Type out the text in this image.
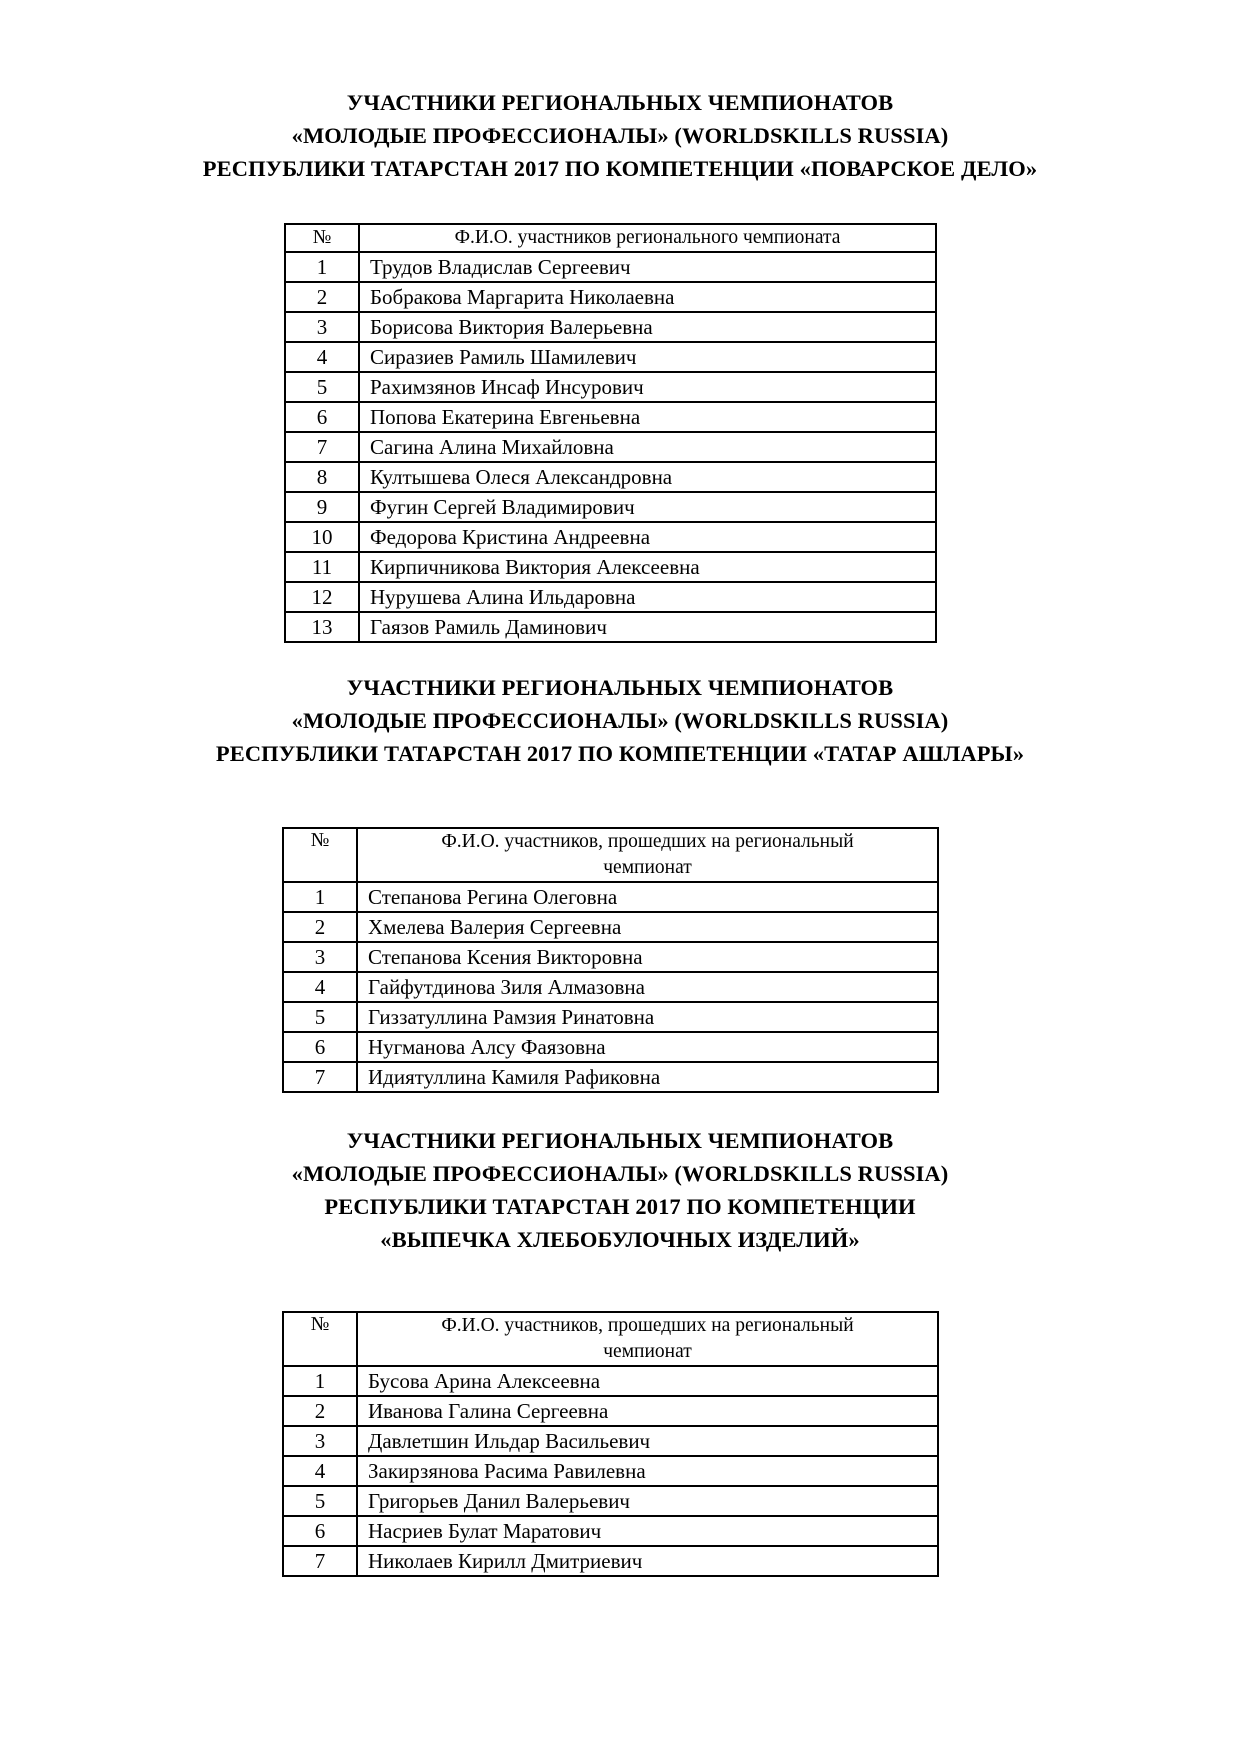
УЧАСТНИКИ РЕГИОНАЛЬНЫХ ЧЕМПИОНАТОВ
«МОЛОДЫЕ ПРОФЕССИОНАЛЫ» (WORLDSKILLS RUSSIA)
РЕСПУБЛИКИ ТАТАРСТАН 2017 ПО КОМПЕТЕНЦИИ «ПОВАРСКОЕ ДЕЛО»
№	Ф.И.О. участников регионального чемпионата
1	Трудов Владислав Сергеевич
2	Бобракова Маргарита Николаевна
3	Борисова Виктория Валерьевна
4	Сиразиев Рамиль Шамилевич
5	Рахимзянов Инсаф Инсурович
6	Попова Екатерина Евгеньевна
7	Сагина Алина Михайловна
8	Култышева Олеся Александровна
9	Фугин Сергей Владимирович
10	Федорова Кристина Андреевна
11	Кирпичникова Виктория Алексеевна
12	Нурушева Алина Ильдаровна
13	Гаязов Рамиль Даминович
УЧАСТНИКИ РЕГИОНАЛЬНЫХ ЧЕМПИОНАТОВ
«МОЛОДЫЕ ПРОФЕССИОНАЛЫ» (WORLDSKILLS RUSSIA)
РЕСПУБЛИКИ ТАТАРСТАН 2017 ПО КОМПЕТЕНЦИИ «ТАТАР АШЛАРЫ»
№	Ф.И.О. участников, прошедших на региональный
чемпионат

1	Степанова Регина Олеговна
2	Хмелева Валерия Сергеевна
3	Степанова Ксения Викторовна
4	Гайфутдинова Зиля Алмазовна
5	Гиззатуллина Рамзия Ринатовна
6	Нугманова Алсу Фаязовна
7	Идиятуллина Камиля Рафиковна
УЧАСТНИКИ РЕГИОНАЛЬНЫХ ЧЕМПИОНАТОВ
«МОЛОДЫЕ ПРОФЕССИОНАЛЫ» (WORLDSKILLS RUSSIA)
РЕСПУБЛИКИ ТАТАРСТАН 2017 ПО КОМПЕТЕНЦИИ
«ВЫПЕЧКА ХЛЕБОБУЛОЧНЫХ ИЗДЕЛИЙ»
№	Ф.И.О. участников, прошедших на региональный
чемпионат

1	Бусова Арина Алексеевна
2	Иванова Галина Сергеевна
3	Давлетшин Ильдар Васильевич
4	Закирзянова Расима Равилевна
5	Григорьев Данил Валерьевич
6	Насриев Булат Маратович
7	Николаев Кирилл Дмитриевич
